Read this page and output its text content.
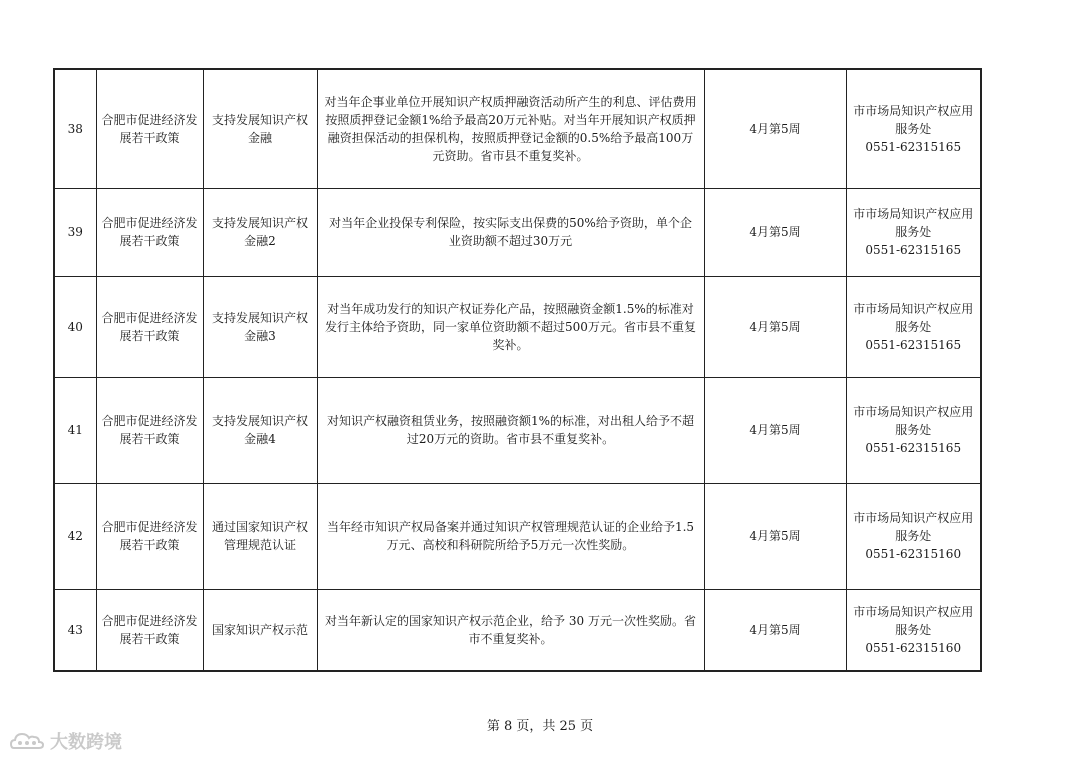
38	合肥市促进经济发展若干政策	支持发展知识产权金融	对当年企事业单位开展知识产权质押融资活动所产生的利息、评估费用按照质押登记金额1%给予最高20万元补贴。对当年开展知识产权质押融资担保活动的担保机构，按照质押登记金额的0.5%给予最高100万元资助。省市县不重复奖补。	4月第5周	市市场局知识产权应用服务处
0551-62315165

39	合肥市促进经济发展若干政策	支持发展知识产权金融2	对当年企业投保专利保险，按实际支出保费的50%给予资助，单个企业资助额不超过30万元	4月第5周	市市场局知识产权应用服务处
0551-62315165

40	合肥市促进经济发展若干政策	支持发展知识产权金融3	对当年成功发行的知识产权证券化产品，按照融资金额1.5%的标准对发行主体给予资助，同一家单位资助额不超过500万元。省市县不重复奖补。	4月第5周	市市场局知识产权应用服务处
0551-62315165

41	合肥市促进经济发展若干政策	支持发展知识产权金融4	对知识产权融资租赁业务，按照融资额1%的标准，对出租人给予不超过20万元的资助。省市县不重复奖补。	4月第5周	市市场局知识产权应用服务处
0551-62315165

42	合肥市促进经济发展若干政策	通过国家知识产权管理规范认证	当年经市知识产权局备案并通过知识产权管理规范认证的企业给予1.5万元、高校和科研院所给予5万元一次性奖励。	4月第5周	市市场局知识产权应用服务处
0551-62315160

43	合肥市促进经济发展若干政策	国家知识产权示范	对当年新认定的国家知识产权示范企业，给予 30 万元一次性奖励。省市不重复奖补。	4月第5周	市市场局知识产权应用服务处
0551-62315160
第 8 页，共 25 页
大数跨境
